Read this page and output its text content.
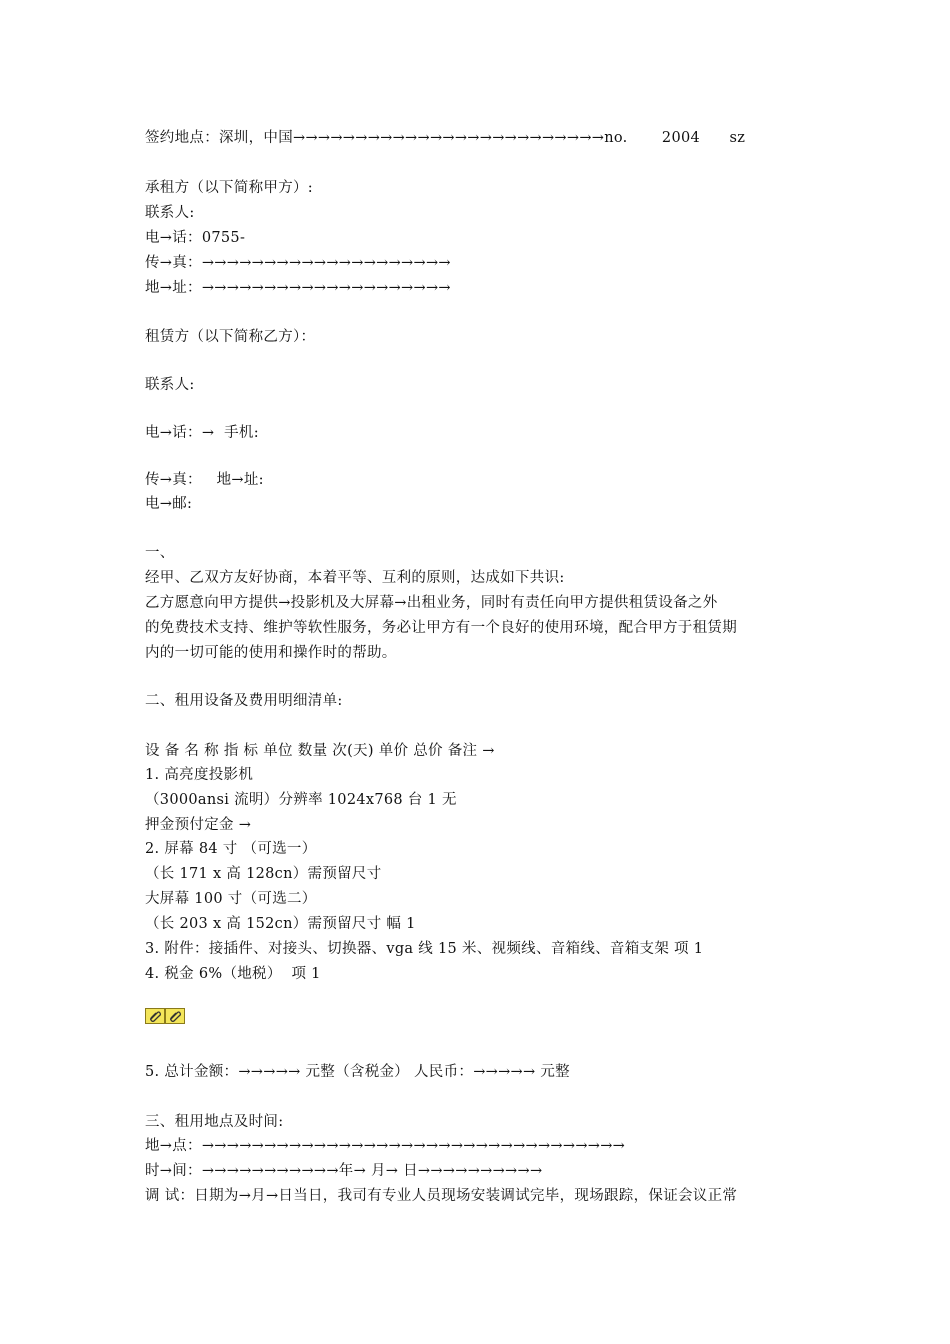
签约地点：深圳，中国→→→→→→→→→→→→→→→→→→→→→→→→→no.       2004      sz
承租方（以下简称甲方）:
联系人:
电→话：0755-
传→真：→→→→→→→→→→→→→→→→→→→→
地→址：→→→→→→→→→→→→→→→→→→→→
租赁方（以下简称乙方）：
联系人:
电→话：→  手机:
传→真：   地→址:
电→邮:
一、
经甲、乙双方友好协商，本着平等、互利的原则，达成如下共识:
乙方愿意向甲方提供→投影机及大屏幕→出租业务，同时有责任向甲方提供租赁设备之外
的免费技术支持、维护等软性服务，务必让甲方有一个良好的使用环境，配合甲方于租赁期
内的一切可能的使用和操作时的帮助。
二、租用设备及费用明细清单:
设 备 名 称 指 标 单位 数量 次(天) 单价 总价 备注 →
1. 高亮度投影机
（3000ansi 流明）分辨率 1024x768 台 1 无
押金预付定金 →
2. 屏幕 84 寸 （可选一）
（长 171 x 高 128cn）需预留尺寸
大屏幕 100 寸（可选二）
（长 203 x 高 152cn）需预留尺寸 幅 1
3. 附件：接插件、对接头、切换器、vga 线 15 米、视频线、音箱线、音箱支架 项 1
4. 税金 6%（地税）  项 1
5. 总计金额：→→→→→ 元整（含税金） 人民币：→→→→→ 元整
三、租用地点及时间:
地→点：→→→→→→→→→→→→→→→→→→→→→→→→→→→→→→→→→→
时→间：→→→→→→→→→→→年→ 月→ 日→→→→→→→→→→
调 试：日期为→月→日当日，我司有专业人员现场安装调试完毕，现场跟踪，保证会议正常
